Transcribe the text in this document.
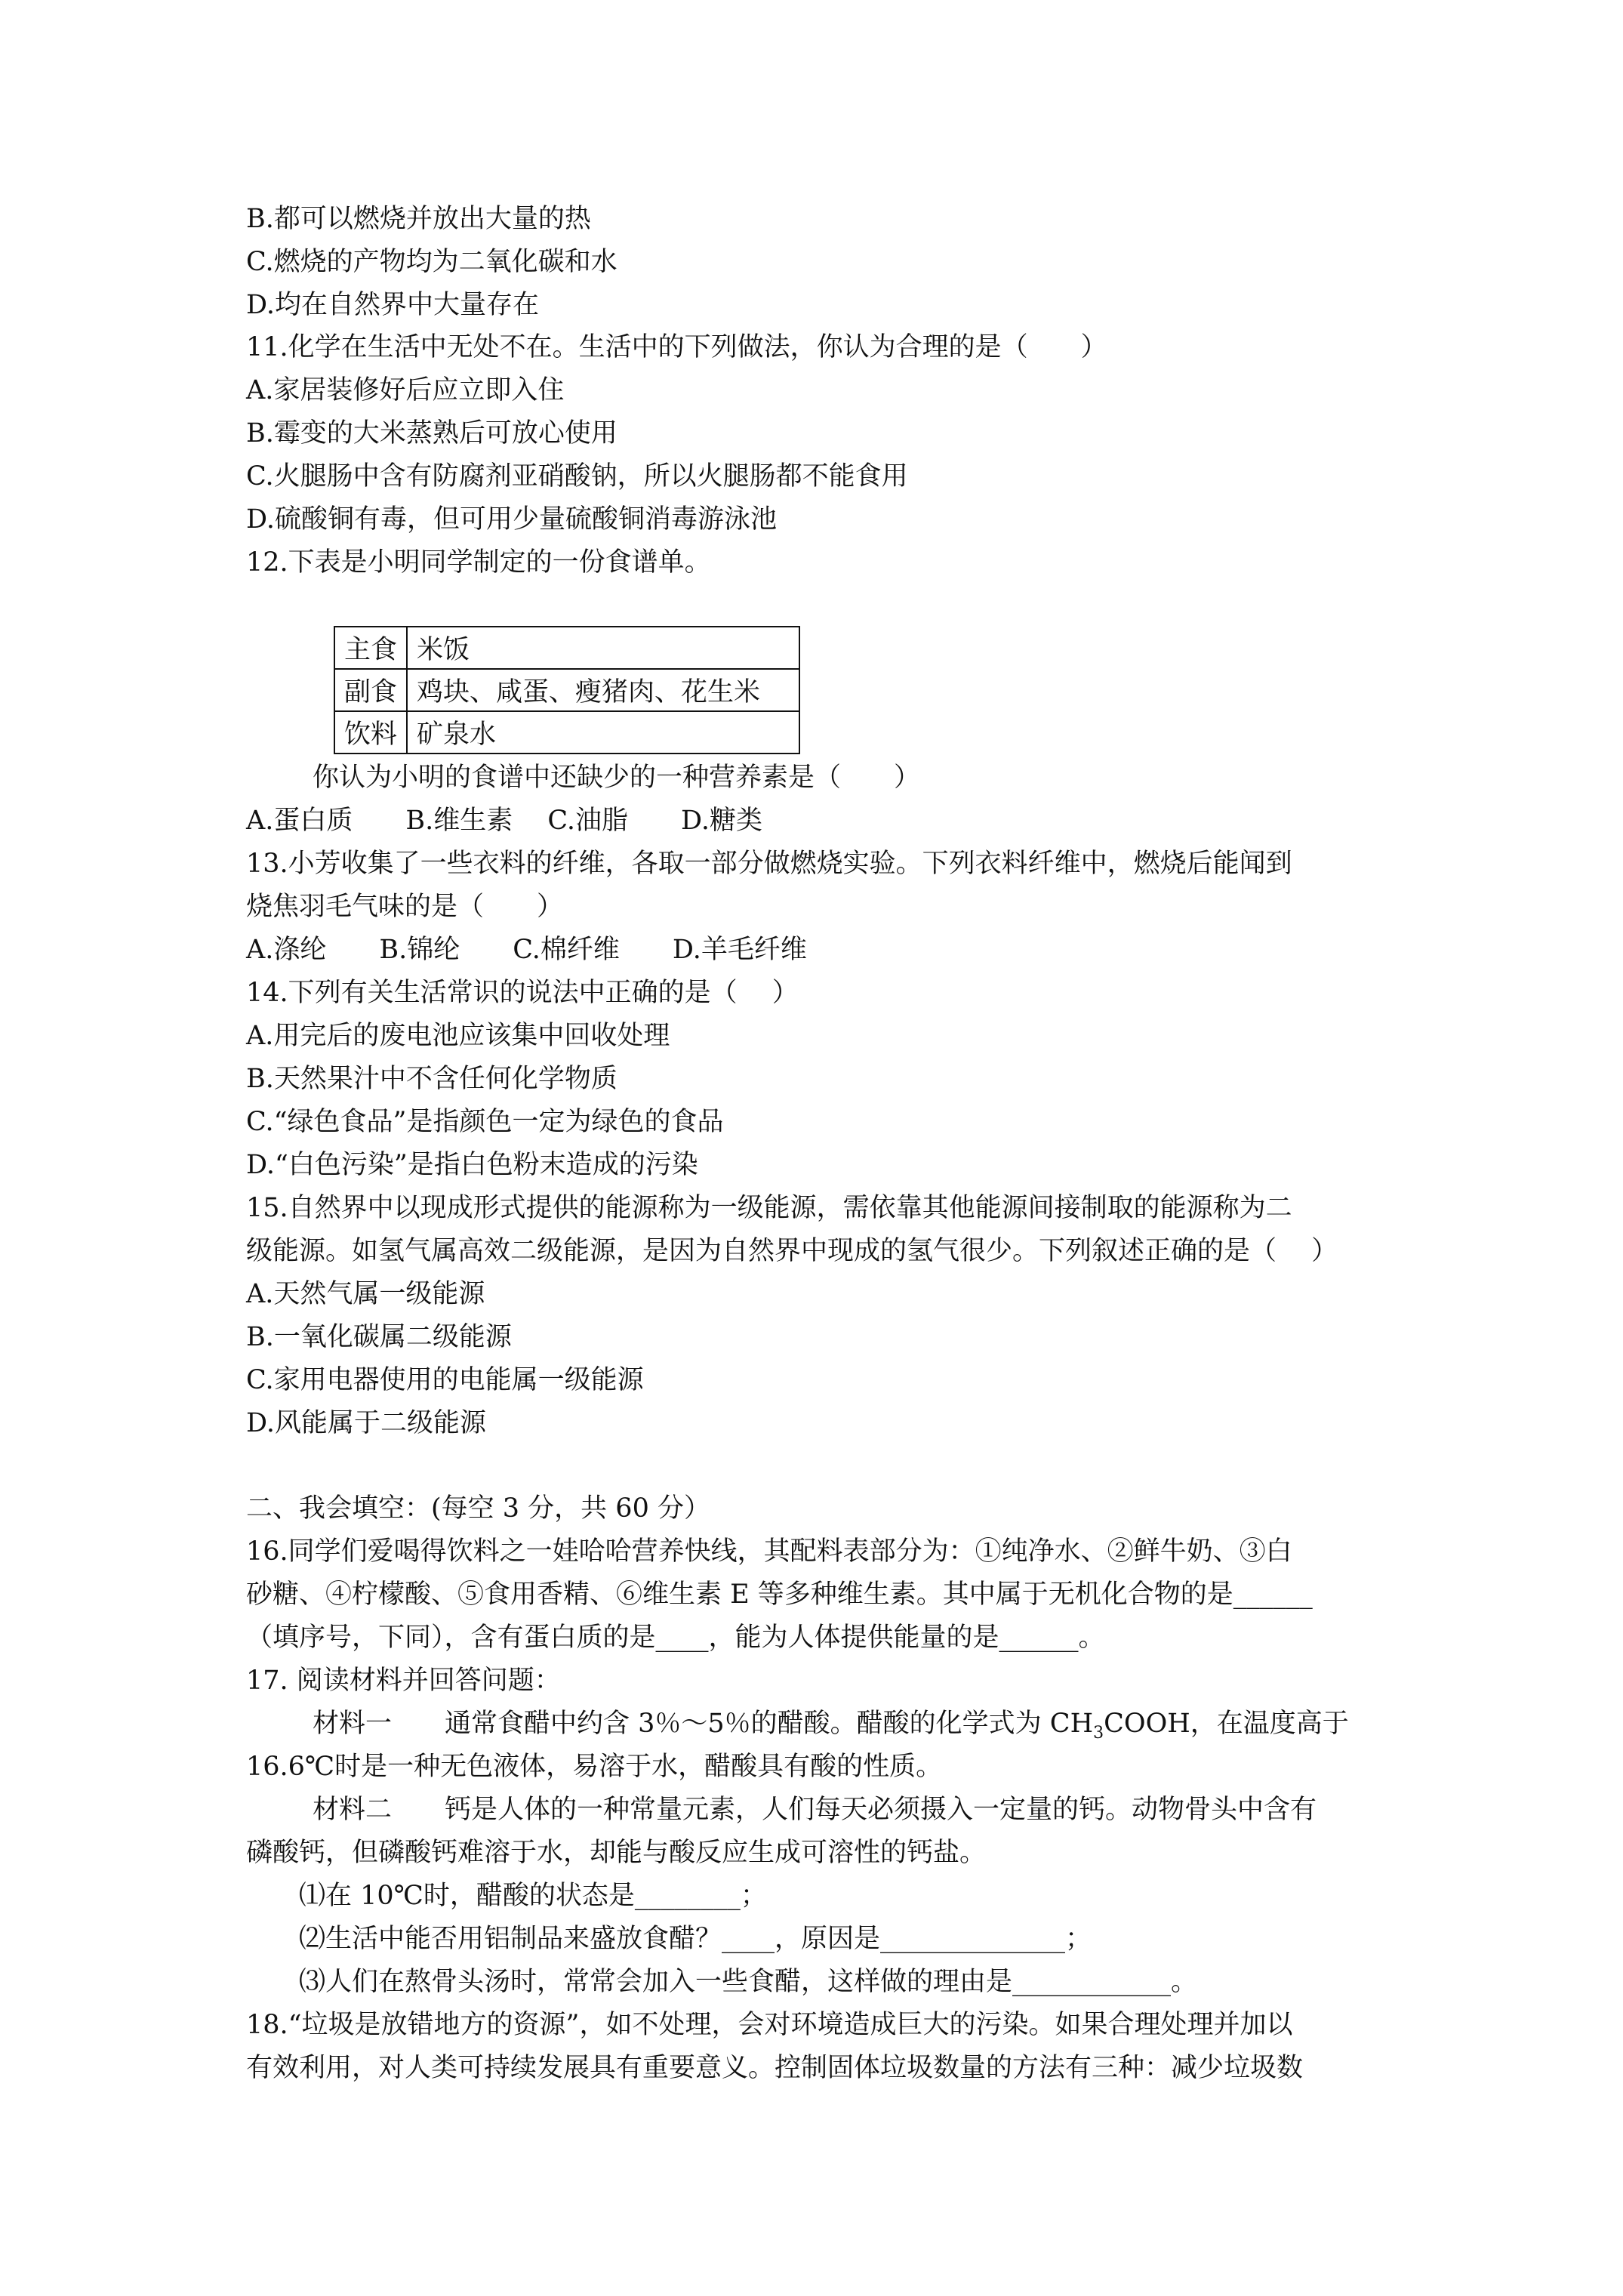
B.都可以燃烧并放出大量的热
C.燃烧的产物均为二氧化碳和水
D.均在自然界中大量存在
11.化学在生活中无处不在。生活中的下列做法，你认为合理的是（　　）
A.家居装修好后应立即入住
B.霉变的大米蒸熟后可放心使用
C.火腿肠中含有防腐剂亚硝酸钠，所以火腿肠都不能食用
D.硫酸铜有毒，但可用少量硫酸铜消毒游泳池
12.下表是小明同学制定的一份食谱单。
主食	米饭
副食	鸡块、咸蛋、瘦猪肉、花生米
饮料	矿泉水
你认为小明的食谱中还缺少的一种营养素是（　　）
A.蛋白质　　B.维生素　 C.油脂　　D.糖类
13.小芳收集了一些衣料的纤维，各取一部分做燃烧实验。下列衣料纤维中，燃烧后能闻到
烧焦羽毛气味的是（　　）
A.涤纶　　B.锦纶　　C.棉纤维　　D.羊毛纤维
14.下列有关生活常识的说法中正确的是（　 ）
A.用完后的废电池应该集中回收处理
B.天然果汁中不含任何化学物质
C.“绿色食品”是指颜色一定为绿色的食品
D.“白色污染”是指白色粉末造成的污染
15.自然界中以现成形式提供的能源称为一级能源，需依靠其他能源间接制取的能源称为二
级能源。如氢气属高效二级能源，是因为自然界中现成的氢气很少。下列叙述正确的是（　 ）
A.天然气属一级能源
B.一氧化碳属二级能源
C.家用电器使用的电能属一级能源
D.风能属于二级能源
二、我会填空：(每空 3 分，共 60 分）
16.同学们爱喝得饮料之一娃哈哈营养快线，其配料表部分为：①纯净水、②鲜牛奶、③白
砂糖、④柠檬酸、⑤食用香精、⑥维生素 E 等多种维生素。其中属于无机化合物的是______
（填序号，下同），含有蛋白质的是____，能为人体提供能量的是______。
17. 阅读材料并回答问题：
材料一　　通常食醋中约含 3％～5％的醋酸。醋酸的化学式为 $CH_3COOH$，在温度高于
16.6℃时是一种无色液体，易溶于水，醋酸具有酸的性质。
材料二　　钙是人体的一种常量元素，人们每天必须摄入一定量的钙。动物骨头中含有
磷酸钙，但磷酸钙难溶于水，却能与酸反应生成可溶性的钙盐。
⑴在 10℃时，醋酸的状态是________；
⑵生活中能否用铝制品来盛放食醋？____，原因是______________；
⑶人们在熬骨头汤时，常常会加入一些食醋，这样做的理由是____________。
18.“垃圾是放错地方的资源”，如不处理，会对环境造成巨大的污染。如果合理处理并加以
有效利用，对人类可持续发展具有重要意义。控制固体垃圾数量的方法有三种：减少垃圾数
